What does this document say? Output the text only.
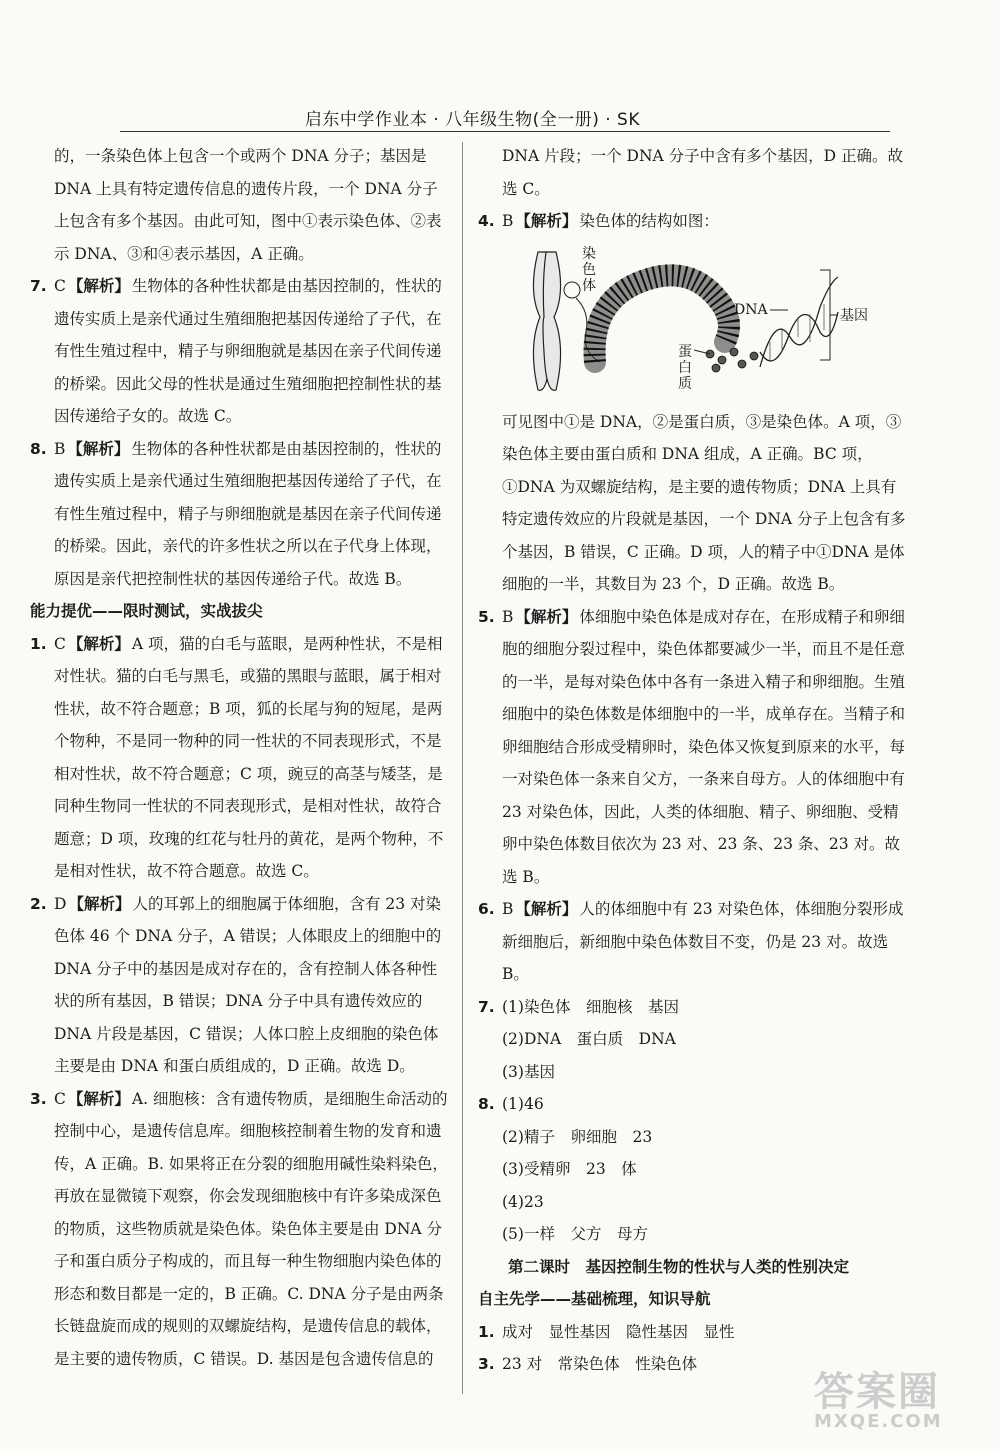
启东中学作业本 · 八年级生物(全一册) · SK

的，一条染色体上包含一个或两个 DNA 分子；基因是 DNA 上具有特定遗传信息的遗传片段，一个 DNA 分子上包含有多个基因。由此可知，图中①表示染色体、②表示 DNA、③和④表示基因，A 正确。

7. C 【解析】 生物体的各种性状都是由基因控制的，性状的遗传实质上是亲代通过生殖细胞把基因传递给了子代，在有性生殖过程中，精子与卵细胞就是基因在亲子代间传递的桥梁。因此父母的性状是通过生殖细胞把控制性状的基因传递给子女的。故选 C。

8. B 【解析】 生物体的各种性状都是由基因控制的，性状的遗传实质上是亲代通过生殖细胞把基因传递给了子代，在有性生殖过程中，精子与卵细胞就是基因在亲子代间传递的桥梁。因此，亲代的许多性状之所以在子代身上体现，原因是亲代把控制性状的基因传递给子代。故选 B。

能力提优——限时测试，实战拔尖

1. C 【解析】 A 项，猫的白毛与蓝眼，是两种性状，不是相对性状。猫的白毛与黑毛，或猫的黑眼与蓝眼，属于相对性状，故不符合题意；B 项，狐的长尾与狗的短尾，是两个物种，不是同一物种的同一性状的不同表现形式，不是相对性状，故不符合题意；C 项，豌豆的高茎与矮茎，是同种生物同一性状的不同表现形式，是相对性状，故符合题意；D 项，玫瑰的红花与牡丹的黄花，是两个物种，不是相对性状，故不符合题意。故选 C。

2. D 【解析】 人的耳郭上的细胞属于体细胞，含有 23 对染色体 46 个 DNA 分子，A 错误；人体眼皮上的细胞中的 DNA 分子中的基因是成对存在的，含有控制人体各种性状的所有基因，B 错误；DNA 分子中具有遗传效应的 DNA 片段是基因，C 错误；人体口腔上皮细胞的染色体主要是由 DNA 和蛋白质组成的，D 正确。故选 D。

3. C 【解析】 A. 细胞核：含有遗传物质，是细胞生命活动的控制中心，是遗传信息库。细胞核控制着生物的发育和遗传，A 正确。B. 如果将正在分裂的细胞用碱性染料染色，再放在显微镜下观察，你会发现细胞核中有许多染成深色的物质，这些物质就是染色体。染色体主要是由 DNA 分子和蛋白质分子构成的，而且每一种生物细胞内染色体的形态和数目都是一定的，B 正确。C. DNA 分子是由两条长链盘旋而成的规则的双螺旋结构，是遗传信息的载体，是主要的遗传物质，C 错误。D. 基因是包含遗传信息的

DNA 片段；一个 DNA 分子中含有多个基因，D 正确。故选 C。

4. B 【解析】 染色体的结构如图：

染色体
DNA
蛋白质
基因

可见图中①是 DNA，②是蛋白质，③是染色体。A 项，③染色体主要由蛋白质和 DNA 组成，A 正确。BC 项，①DNA 为双螺旋结构，是主要的遗传物质；DNA 上具有特定遗传效应的片段就是基因，一个 DNA 分子上包含有多个基因，B 错误，C 正确。D 项，人的精子中①DNA 是体细胞的一半，其数目为 23 个，D 正确。故选 B。

5. B 【解析】 体细胞中染色体是成对存在，在形成精子和卵细胞的细胞分裂过程中，染色体都要减少一半，而且不是任意的一半，是每对染色体中各有一条进入精子和卵细胞。生殖细胞中的染色体数是体细胞中的一半，成单存在。当精子和卵细胞结合形成受精卵时，染色体又恢复到原来的水平，每一对染色体一条来自父方，一条来自母方。人的体细胞中有 23 对染色体，因此，人类的体细胞、精子、卵细胞、受精卵中染色体数目依次为 23 对、23 条、23 条、23 对。故选 B。

6. B 【解析】 人的体细胞中有 23 对染色体，体细胞分裂形成新细胞后，新细胞中染色体数目不变，仍是 23 对。故选 B。

7. (1)染色体　细胞核　基因

(2)DNA　蛋白质　DNA

(3)基因

8. (1)46

(2)精子　卵细胞　23

(3)受精卵　23　体

(4)23

(5)一样　父方　母方

第二课时　基因控制生物的性状与人类的性别决定

自主先学——基础梳理，知识导航

1. 成对　显性基因　隐性基因　显性

3. 23 对　常染色体　性染色体

答案圈
MXQE.COM
